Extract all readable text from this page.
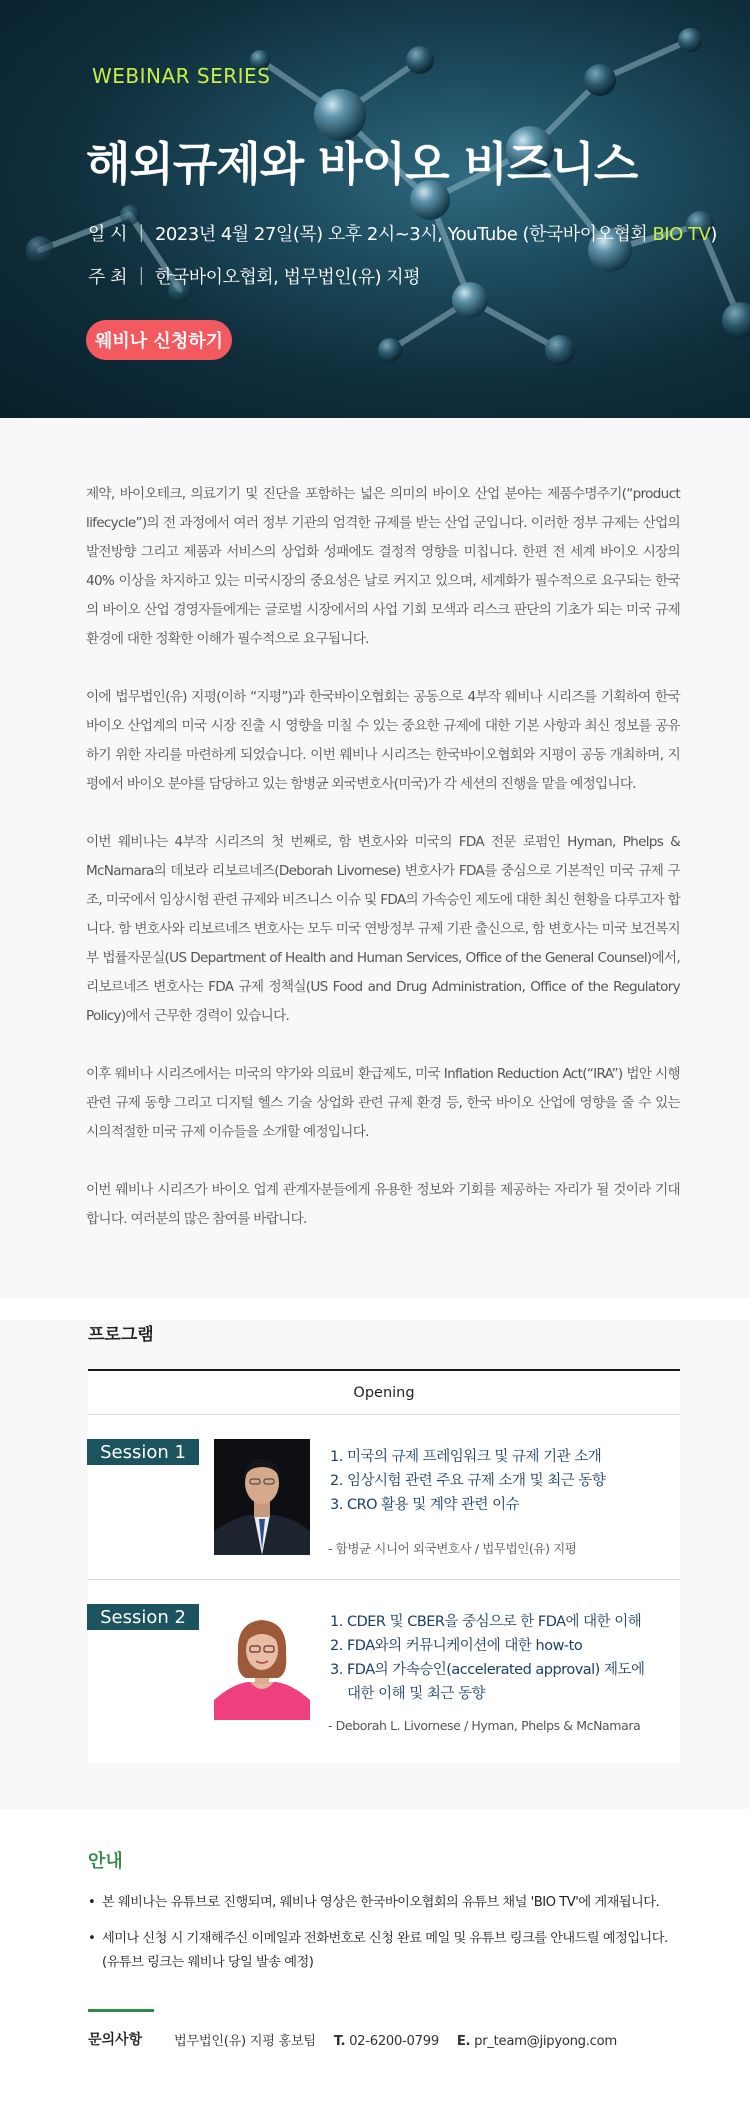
WEBINAR SERIES
해외규제와 바이오 비즈니스
일 시 ｜ 2023년 4월 27일(목) 오후 2시~3시, YouTube (한국바이오협회 BIO TV)
주 최 ｜ 한국바이오협회, 법무법인(유) 지평
웨비나 신청하기

제약, 바이오테크, 의료기기 및 진단을 포함하는 넓은 의미의 바이오 산업 분야는 제품수명주기(“product lifecycle”)의 전 과정에서 여러 정부 기관의 엄격한 규제를 받는 산업 군입니다. 이러한 정부 규제는 산업의 발전방향 그리고 제품과 서비스의 상업화 성패에도 결정적 영향을 미칩니다. 한편 전 세계 바이오 시장의 40% 이상을 차지하고 있는 미국시장의 중요성은 날로 커지고 있으며, 세계화가 필수적으로 요구되는 한국의 바이오 산업 경영자들에게는 글로벌 시장에서의 사업 기회 모색과 리스크 판단의 기초가 되는 미국 규제 환경에 대한 정확한 이해가 필수적으로 요구됩니다.

이에 법무법인(유) 지평(이하 “지평”)과 한국바이오협회는 공동으로 4부작 웨비나 시리즈를 기획하여 한국 바이오 산업계의 미국 시장 진출 시 영향을 미칠 수 있는 중요한 규제에 대한 기본 사항과 최신 정보를 공유하기 위한 자리를 마련하게 되었습니다. 이번 웨비나 시리즈는 한국바이오협회와 지평이 공동 개최하며, 지평에서 바이오 분야를 담당하고 있는 함병균 외국변호사(미국)가 각 세션의 진행을 맡을 예정입니다.

이번 웨비나는 4부작 시리즈의 첫 번째로, 함 변호사와 미국의 FDA 전문 로펌인 Hyman, Phelps & McNamara의 데보라 리보르네즈(Deborah Livornese) 변호사가 FDA를 중심으로 기본적인 미국 규제 구조, 미국에서 임상시험 관련 규제와 비즈니스 이슈 및 FDA의 가속승인 제도에 대한 최신 현황을 다루고자 합니다. 함 변호사와 리보르네즈 변호사는 모두 미국 연방정부 규제 기관 출신으로, 함 변호사는 미국 보건복지부 법률자문실(US Department of Health and Human Services, Office of the General Counsel)에서, 리보르네즈 변호사는 FDA 규제 정책실(US Food and Drug Administration, Office of the Regulatory Policy)에서 근무한 경력이 있습니다.

이후 웨비나 시리즈에서는 미국의 약가와 의료비 환급제도, 미국 Inflation Reduction Act(“IRA”) 법안 시행 관련 규제 동향 그리고 디지털 헬스 기술 상업화 관련 규제 환경 등, 한국 바이오 산업에 영향을 줄 수 있는 시의적절한 미국 규제 이슈들을 소개할 예정입니다.

이번 웨비나 시리즈가 바이오 업계 관계자분들에게 유용한 정보와 기회를 제공하는 자리가 될 것이라 기대합니다. 여러분의 많은 참여를 바랍니다.

프로그램
Opening
Session 1	1. 미국의 규제 프레임워크 및 규제 기관 소개
2. 임상시험 관련 주요 규제 소개 및 최근 동향
3. CRO 활용 및 계약 관련 이슈
- 함병균 시니어 외국변호사 / 법무법인(유) 지평
Session 2	1. CDER 및 CBER을 중심으로 한 FDA에 대한 이해
2. FDA와의 커뮤니케이션에 대한 how-to
3. FDA의 가속승인(accelerated approval) 제도에
대한 이해 및 최근 동향
- Deborah L. Livornese / Hyman, Phelps & McNamara
안내
• 본 웨비나는 유튜브로 진행되며, 웨비나 영상은 한국바이오협회의 유튜브 채널 'BIO TV'에 게재됩니다.
• 세미나 신청 시 기재해주신 이메일과 전화번호로 신청 완료 메일 및 유튜브 링크를 안내드릴 예정입니다.
(유튜브 링크는 웨비나 당일 발송 예정)
문의사항 법무법인(유) 지평 홍보팀 T. 02-6200-0799 E. pr_team@jipyong.com
